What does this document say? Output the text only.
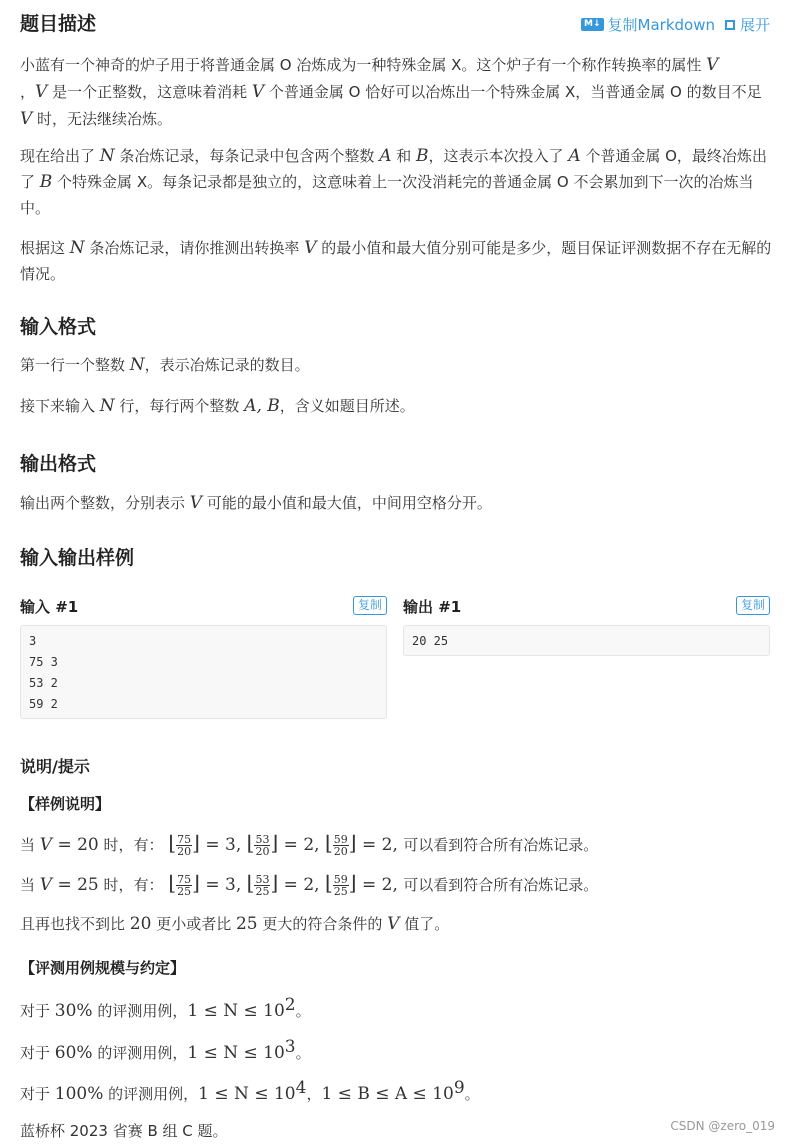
题目描述	M↓ 复制Markdown 展开

小蓝有一个神奇的炉子用于将普通金属 O 冶炼成为一种特殊金属 X。这个炉子有一个称作转换率的属性 V
，V 是一个正整数，这意味着消耗 V 个普通金属 O 恰好可以冶炼出一个特殊金属 X，当普通金属 O 的数目不足 V 时，无法继续冶炼。

现在给出了 N 条冶炼记录，每条记录中包含两个整数 A 和 B，这表示本次投入了 A 个普通金属 O，最终冶炼出了 B 个特殊金属 X。每条记录都是独立的，这意味着上一次没消耗完的普通金属 O 不会累加到下一次的冶炼当中。

根据这 N 条冶炼记录，请你推测出转换率 V 的最小值和最大值分别可能是多少，题目保证评测数据不存在无解的情况。

输入格式

第一行一个整数 N，表示冶炼记录的数目。

接下来输入 N 行，每行两个整数 A, B，含义如题目所述。

输出格式

输出两个整数，分别表示 V 可能的最小值和最大值，中间用空格分开。

输入输出样例
输入 #1	复制
3
75 3
53 2
59 2
输出 #1	复制
20 25
说明/提示
【样例说明】

当 V = 20 时，有： ⌊ $\frac{75}{20}$ ⌋ = 3, ⌊ $\frac{53}{20}$ ⌋ = 2, ⌊ $\frac{59}{20}$ ⌋ = 2, 可以看到符合所有冶炼记录。

当 V = 25 时，有： ⌊ $\frac{75}{25}$ ⌋ = 3, ⌊ $\frac{53}{25}$ ⌋ = 2, ⌊ $\frac{59}{25}$ ⌋ = 2, 可以看到符合所有冶炼记录。

且再也找不到比 20 更小或者比 25 更大的符合条件的 V 值了。

【评测用例规模与约定】

对于 30% 的评测用例，$1 \le N \le 10^2$。

对于 60% 的评测用例，$1 \le N \le 10^3$。

对于 100% 的评测用例，$1 \le N \le 10^4$，$1 \le B \le A \le 10^9$。

蓝桥杯 2023 省赛 B 组 C 题。	CSDN @zero_019
